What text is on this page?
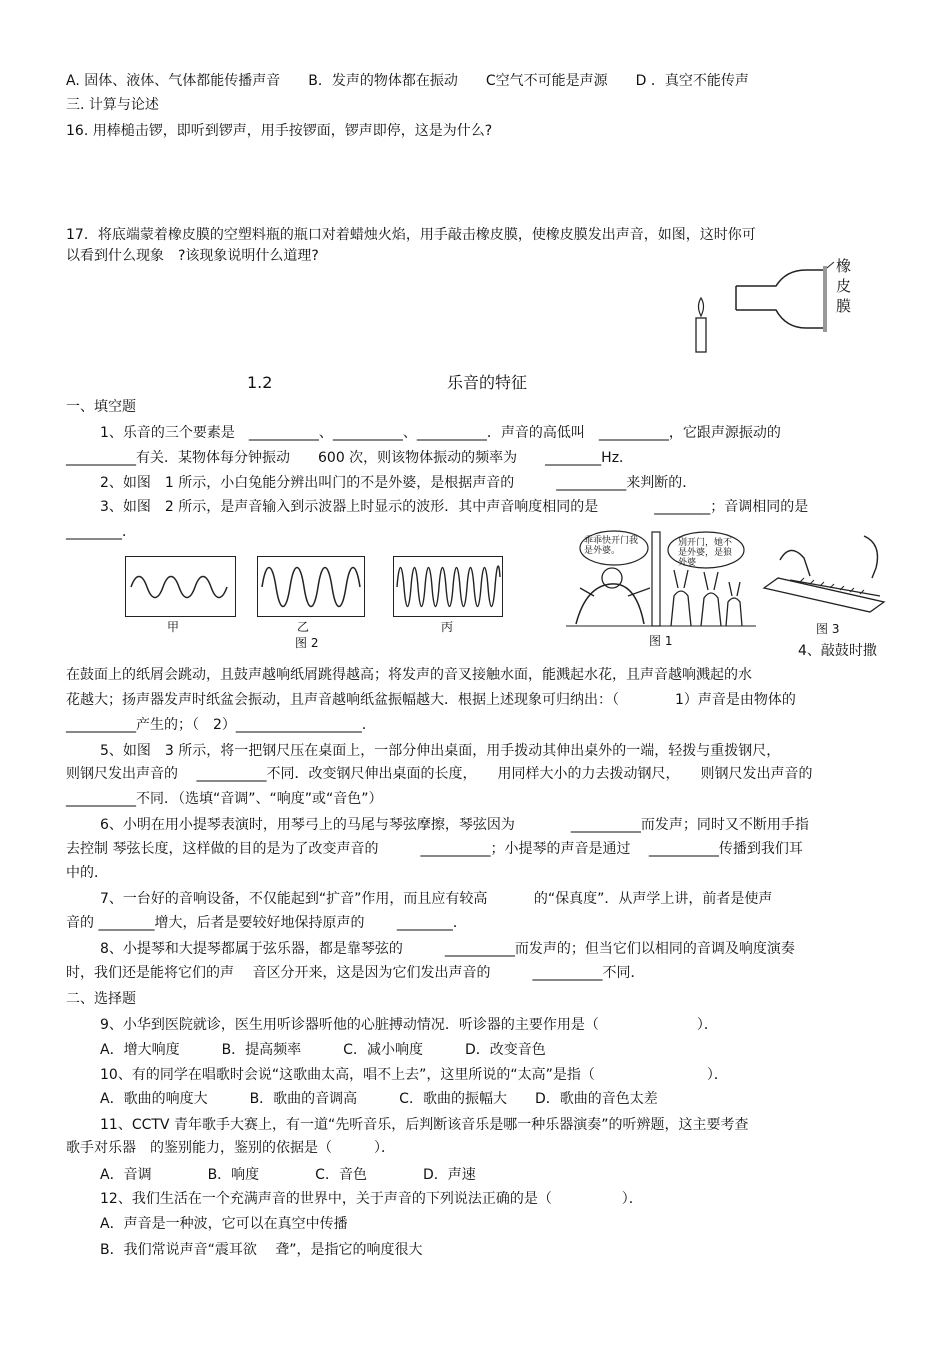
A. 固体、液体、气体都能传播声音　　B．发声的物体都在振动　　C空气不可能是声源　　D ．真空不能传声
三. 计算与论述
16. 用棒槌击锣，即听到锣声，用手按锣面，锣声即停，这是为什么?
17．将底端蒙着橡皮膜的空塑料瓶的瓶口对着蜡烛火焰，用手敲击橡皮膜，使橡皮膜发出声音，如图，这时你可
以看到什么现象　?该现象说明什么道理?
橡
皮
膜
1.2	乐音的特征
一、填空题
1、乐音的三个要素是　__________、__________、__________．声音的高低叫　__________，它跟声源振动的
__________有关．某物体每分钟振动　　600 次，则该物体振动的频率为　　________Hz．
2、如图　1 所示，小白兔能分辨出叫门的不是外婆，是根据声音的　　　__________来判断的．
3、如图　2 所示，是声音输入到示波器上时显示的波形．其中声音响度相同的是　　　　________；音调相同的是
________．
甲	乙	丙
图 2
乖乖快开门我是外婆。
别开门，她不是外婆，是狼外婆
图 1
图 3
4、敲鼓时撒
在鼓面上的纸屑会跳动，且鼓声越响纸屑跳得越高；将发声的音叉接触水面，能溅起水花，且声音越响溅起的水
花越大；扬声器发声时纸盆会振动，且声音越响纸盆振幅越大．根据上述现象可归纳出：（　　　　1）声音是由物体的
__________产生的；（　2）__________________．
5、如图　3 所示，将一把钢尺压在桌面上，一部分伸出桌面，用手拨动其伸出桌外的一端，轻拨与重拨钢尺，
则钢尺发出声音的　 __________不同．改变钢尺伸出桌面的长度，　　用同样大小的力去拨动钢尺，　　则钢尺发出声音的
__________不同．（选填“音调”、“响度”或“音色”）
6、小明在用小提琴表演时，用琴弓上的马尾与琴弦摩擦，琴弦因为　　　　__________而发声；同时又不断用手指
去控制 琴弦长度，这样做的目的是为了改变声音的　　　__________；小提琴的声音是通过　 __________传播到我们耳
中的．
7、一台好的音响设备，不仅能起到“扩音”作用，而且应有较高　　　 的“保真度”．从声学上讲，前者是使声
音的 ________增大，后者是要较好地保持原声的　　 ________．
8、小提琴和大提琴都属于弦乐器，都是靠琴弦的　　　__________而发声的；但当它们以相同的音调及响度演奏
时，我们还是能将它们的声　 音区分开来，这是因为它们发出声音的　　　__________不同．
二、选择题
9、小华到医院就诊，医生用听诊器听他的心脏搏动情况．听诊器的主要作用是（　　　　　　　）．
A．增大响度　　　B．提高频率　　　C．减小响度　　　D．改变音色
10、有的同学在唱歌时会说“这歌曲太高，唱不上去”，这里所说的“太高”是指（　　　　　　　　）．
A．歌曲的响度大　　　B．歌曲的音调高　　　C．歌曲的振幅大　　D．歌曲的音色太差
11、CCTV 青年歌手大赛上，有一道“先听音乐，后判断该音乐是哪一种乐器演奏”的听辨题，这主要考查
歌手对乐器　的鉴别能力，鉴别的依据是（　　　）．
A．音调　　　　B．响度　　　　C．音色　　　　D．声速
12、我们生活在一个充满声音的世界中，关于声音的下列说法正确的是（　　　　　）．
A．声音是一种波，它可以在真空中传播
B．我们常说声音“震耳欲　 聋”，是指它的响度很大
